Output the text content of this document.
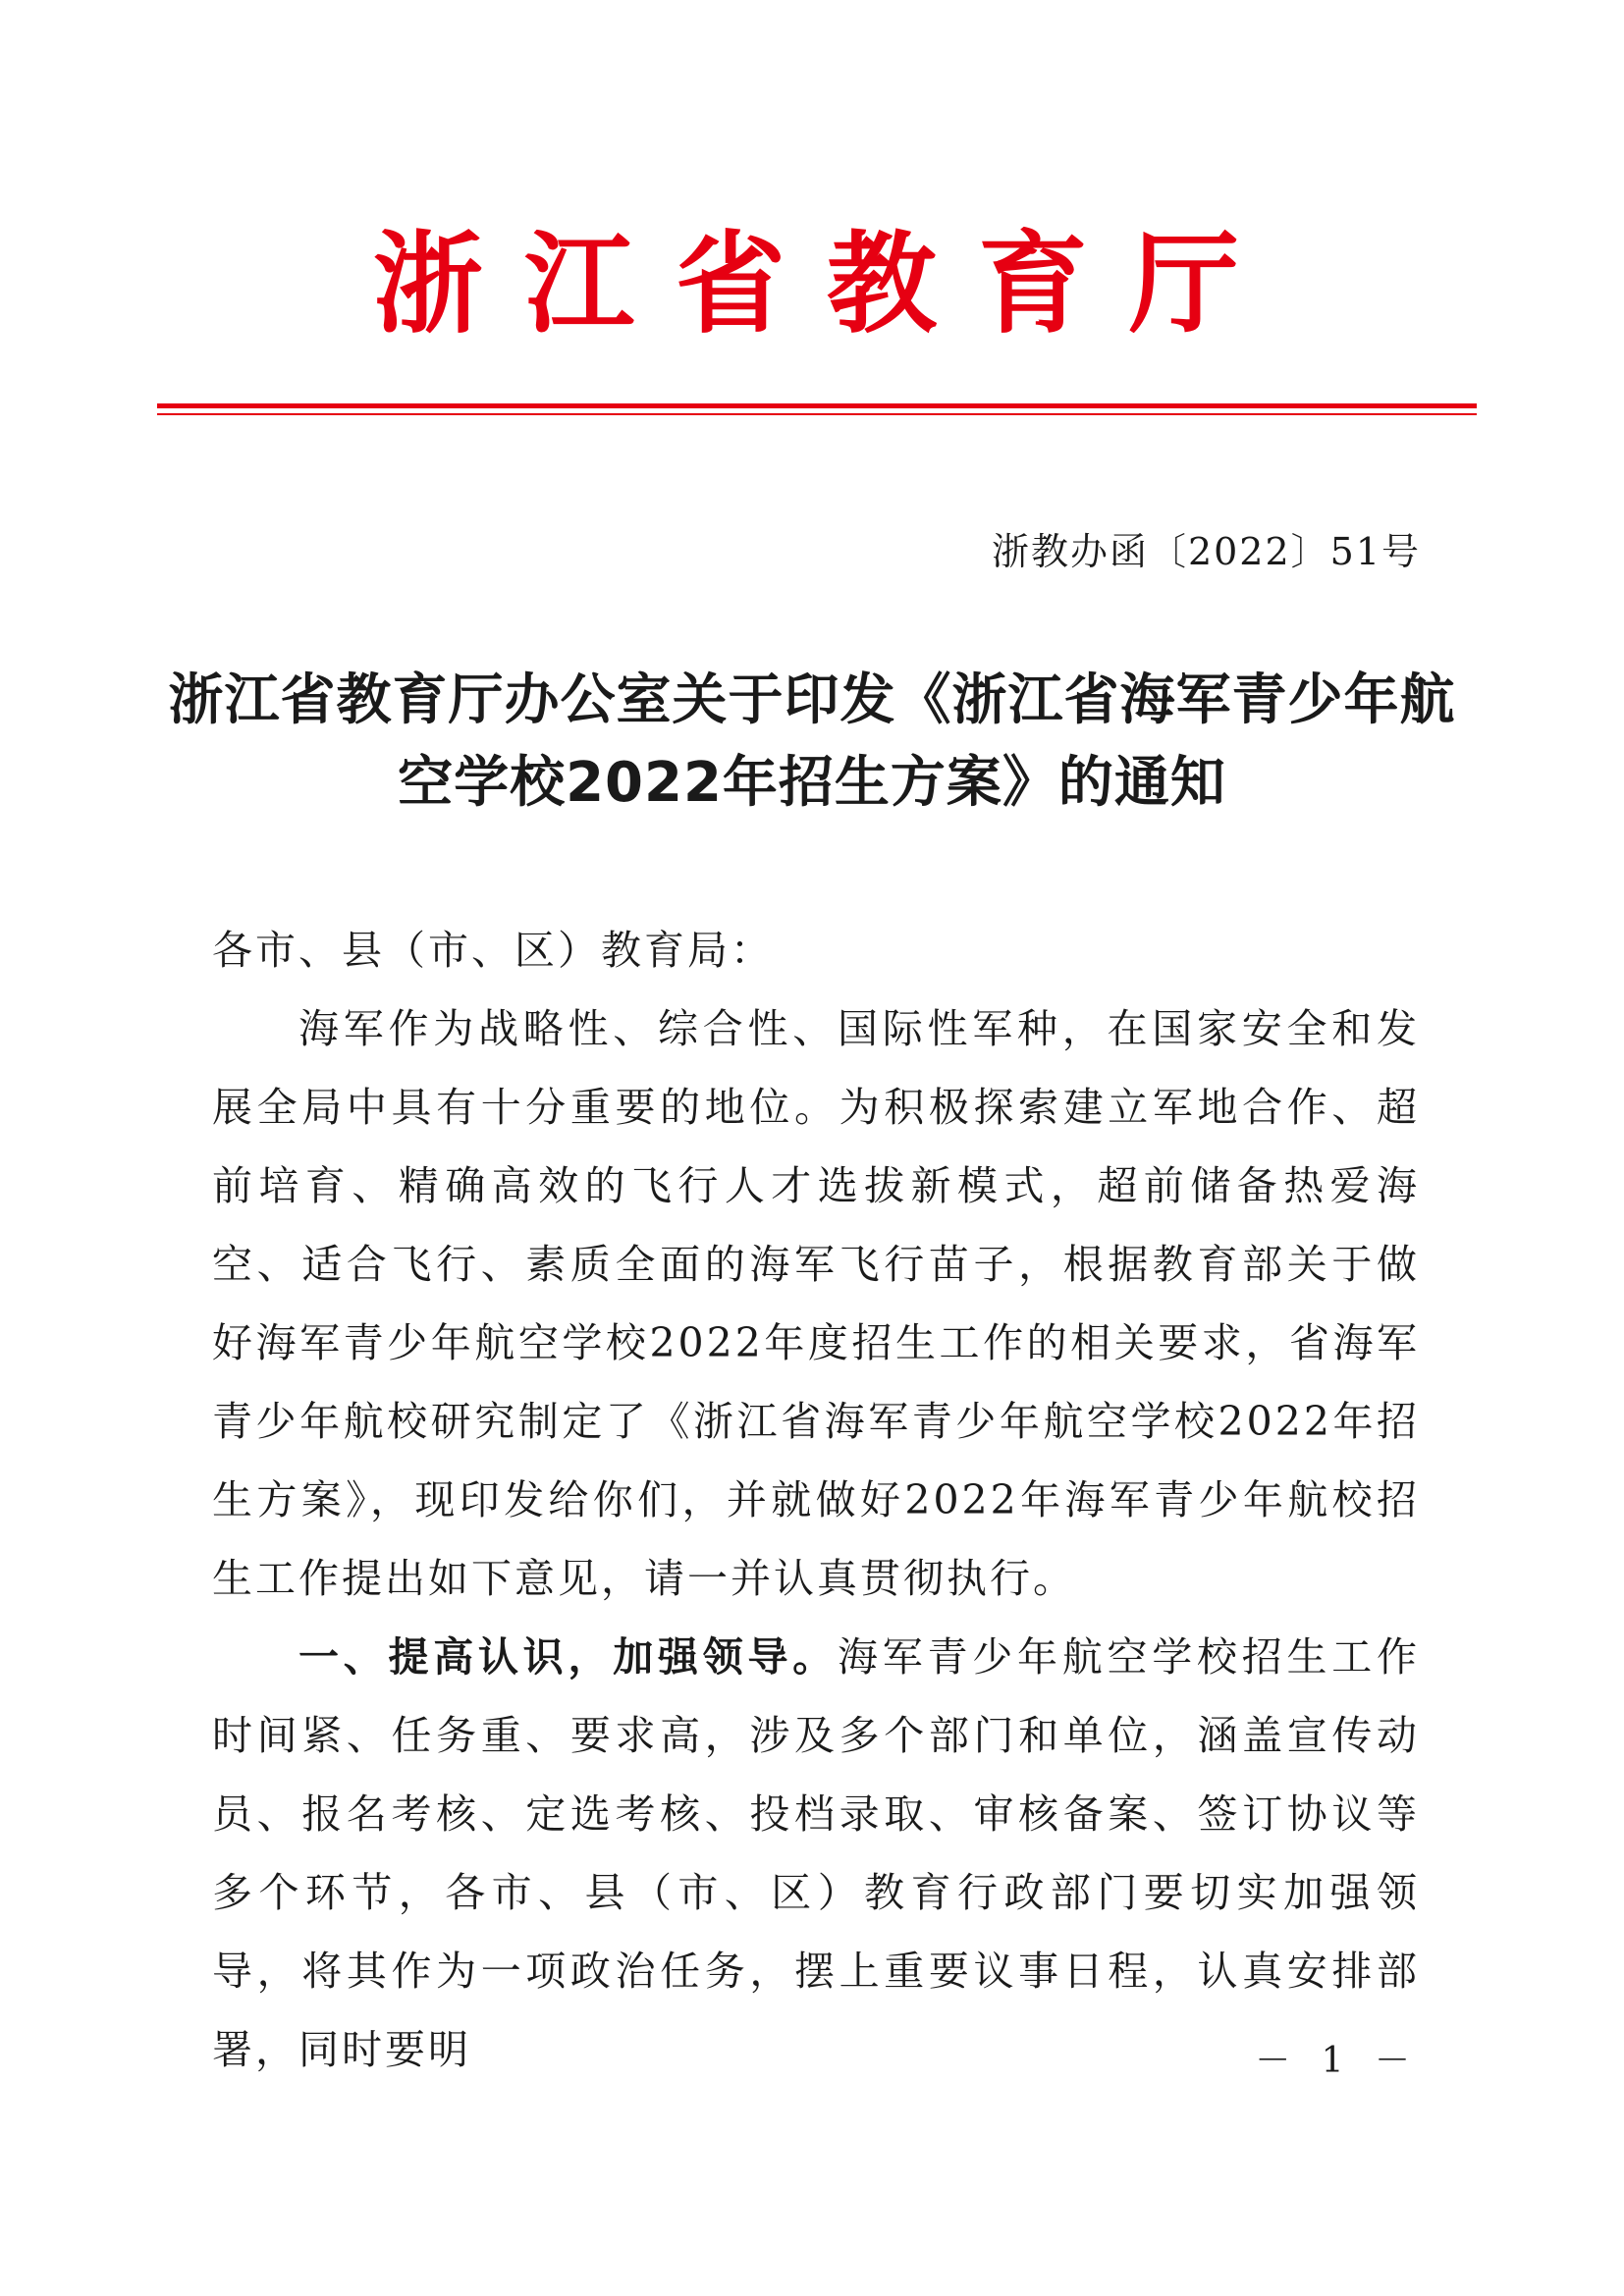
浙江省教育厅
浙教办函〔2022〕51号
浙江省教育厅办公室关于印发《浙江省海军青少年航空学校2022年招生方案》的通知

各市、县（市、区）教育局：

海军作为战略性、综合性、国际性军种，在国家安全和发展全局中具有十分重要的地位。为积极探索建立军地合作、超前培育、精确高效的飞行人才选拔新模式，超前储备热爱海空、适合飞行、素质全面的海军飞行苗子，根据教育部关于做好海军青少年航空学校2022年度招生工作的相关要求，省海军青少年航校研究制定了《浙江省海军青少年航空学校2022年招生方案》，现印发给你们，并就做好2022年海军青少年航校招生工作提出如下意见，请一并认真贯彻执行。

一、提高认识，加强领导。海军青少年航空学校招生工作时间紧、任务重、要求高，涉及多个部门和单位，涵盖宣传动员、报名考核、定选考核、投档录取、审核备案、签订协议等多个环节，各市、县（市、区）教育行政部门要切实加强领导，将其作为一项政治任务，摆上重要议事日程，认真安排部署，同时要明	－ 1 －
